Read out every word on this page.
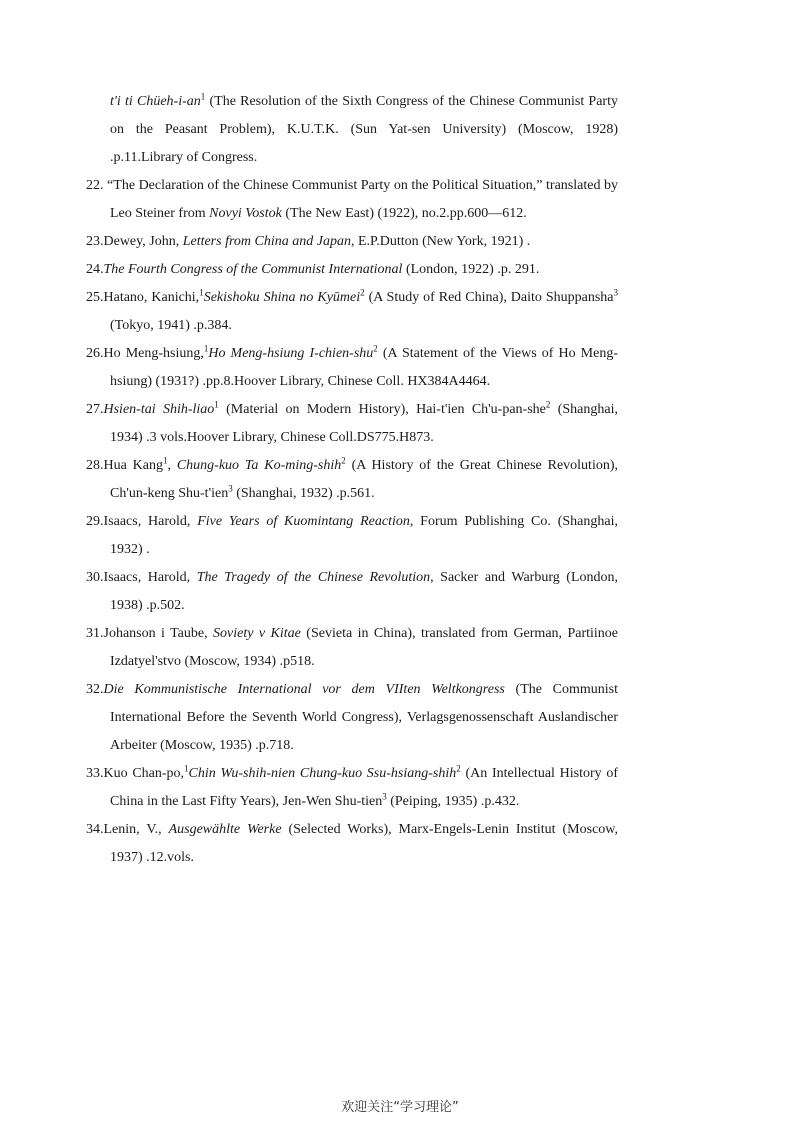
t'i ti Chüeh-$i-an^1$ (The Resolution of the Sixth Congress of the Chinese Communist Party on the Peasant Problem), K.U.T.K. (Sun Yat-sen University) (Moscow, 1928) .p.11.Library of Congress.

22. “The Declaration of the Chinese Communist Party on the Political Situation,” translated by Leo Steiner from Novyi Vostok (The New East) (1922), no.2.pp.600—612.

23.Dewey, John, Letters from China and Japan, E.P.Dutton (New York, 1921) .

24.The Fourth Congress of the Communist International (London, 1922) .p. 291.

25.Hatano, Kanichi,$^1$Sekishoku Shina no Kyūmei$^2$ (A Study of Red China), Daito Shuppansha$^3$ (Tokyo, 1941) .p.384.

26.Ho Meng-hsiung,$^1$Ho Meng-hsiung I-chien-shu$^2$ (A Statement of the Views of Ho Meng-hsiung) (1931?) .pp.8.Hoover Library, Chinese Coll. HX384A4464.

27.Hsien-tai Shih-liao$^1$ (Material on Modern History), Hai-t'ien Ch'u-pan-she$^2$ (Shanghai, 1934) .3 vols.Hoover Library, Chinese Coll.DS775.H873.

28.Hua Kang$^1$, Chung-kuo Ta Ko-ming-shih$^2$ (A History of the Great Chinese Revolution), Ch'un-keng Shu-t'ien$^3$ (Shanghai, 1932) .p.561.

29.Isaacs, Harold, Five Years of Kuomintang Reaction, Forum Publishing Co. (Shanghai, 1932) .

30.Isaacs, Harold, The Tragedy of the Chinese Revolution, Sacker and Warburg (London, 1938) .p.502.

31.Johanson i Taube, Soviety v Kitae (Sevieta in China), translated from German, Partiinoe Izdatyel'stvo (Moscow, 1934) .p518.

32.Die Kommunistische International vor dem VIIten Weltkongress (The Communist International Before the Seventh World Congress), Verlagsgenossenschaft Auslandischer Arbeiter (Moscow, 1935) .p.718.

33.Kuo Chan-po,$^1$Chin Wu-shih-nien Chung-kuo Ssu-hsiang-shih$^2$ (An Intellectual History of China in the Last Fifty Years), Jen-Wen Shu-tien$^3$ (Peiping, 1935) .p.432.

34.Lenin, V., Ausgewählte Werke (Selected Works), Marx-Engels-Lenin Institut (Moscow, 1937) .12.vols.

欢迎关注“学习理论”
